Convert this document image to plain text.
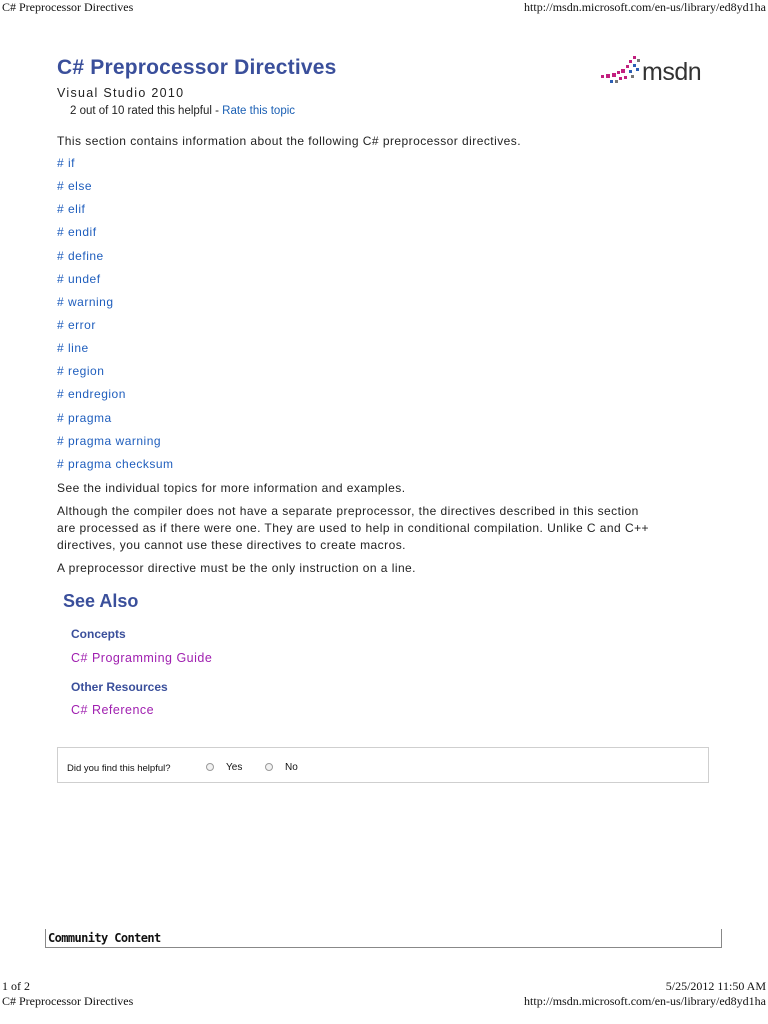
C# Preprocessor Directives	http://msdn.microsoft.com/en-us/library/ed8yd1ha
C# Preprocessor Directives
Visual Studio 2010
2 out of 10 rated this helpful - Rate this topic
msdn
This section contains information about the following C# preprocessor directives.
# if
# else
# elif
# endif
# define
# undef
# warning
# error
# line
# region
# endregion
# pragma
# pragma warning
# pragma checksum
See the individual topics for more information and examples.
Although the compiler does not have a separate preprocessor, the directives described in this section
are processed as if there were one. They are used to help in conditional compilation. Unlike C and C++
directives, you cannot use these directives to create macros.
A preprocessor directive must be the only instruction on a line.
See Also
Concepts
C# Programming Guide
Other Resources
C# Reference
Did you find this helpful?	Yes	No
Community Content
1 of 2	5/25/2012 11:50 AM
C# Preprocessor Directives	http://msdn.microsoft.com/en-us/library/ed8yd1ha
